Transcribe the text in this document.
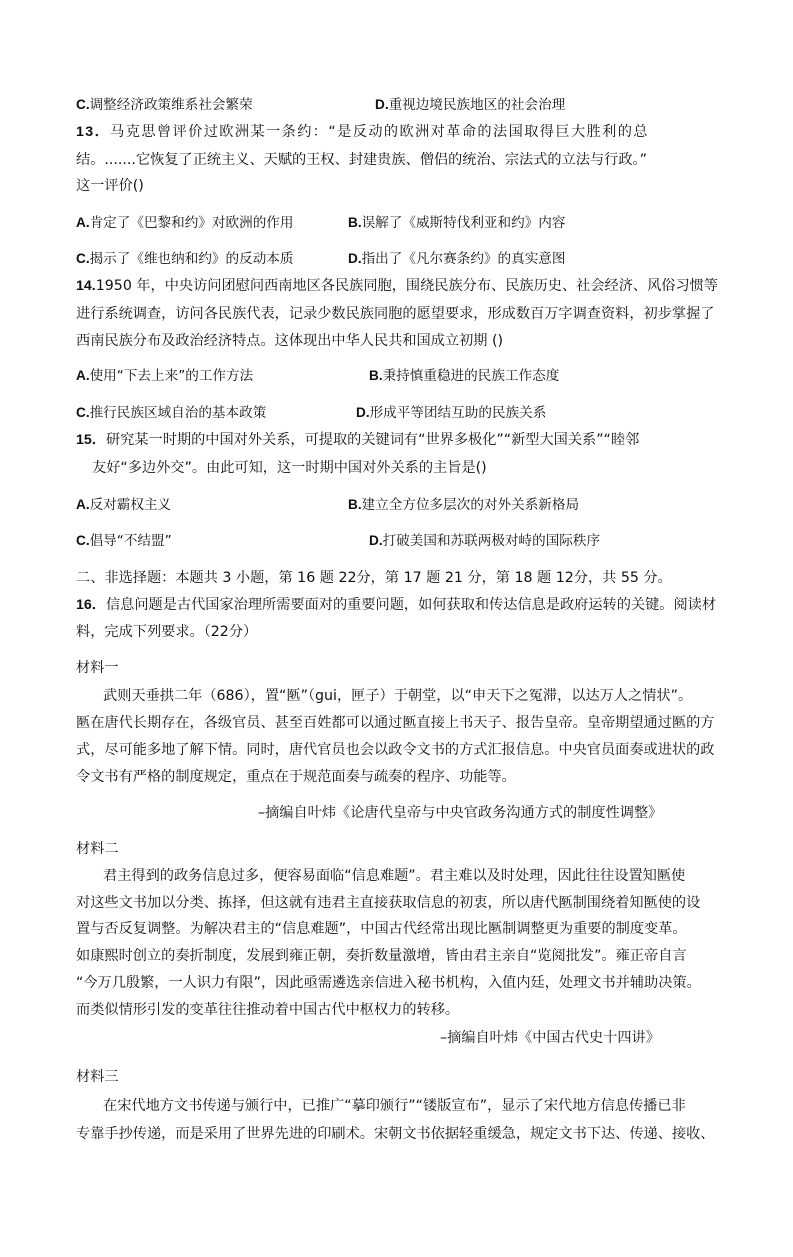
C.调整经济政策维系社会繁荣	D.重视边境民族地区的社会治理
13．马克思曾评价过欧洲某一条约：“是反动的欧洲对革命的法国取得巨大胜利的总
结。.......它恢复了正统主义、天赋的王权、封建贵族、僧侣的统治、宗法式的立法与行政。”
这一评价()
A.肯定了《巴黎和约》对欧洲的作用	B.误解了《威斯特伐利亚和约》内容
C.揭示了《维也纳和约》的反动本质	D.指出了《凡尔赛条约》的真实意图
14.1950 年，中央访问团慰问西南地区各民族同胞，围绕民族分布、民族历史、社会经济、风俗习惯等
进行系统调查，访问各民族代表，记录少数民族同胞的愿望要求，形成数百万字调查资料，初步掌握了
西南民族分布及政治经济特点。这体现出中华人民共和国成立初期 ()
A.使用“下去上来”的工作方法	B.秉持慎重稳进的民族工作态度
C.推行民族区域自治的基本政策	D.形成平等团结互助的民族关系
15．研究某一时期的中国对外关系，可提取的关键词有“世界多极化”“新型大国关系”“睦邻
友好“多边外交”。由此可知，这一时期中国对外关系的主旨是()
A.反对霸权主义	B.建立全方位多层次的对外关系新格局
C.倡导“不结盟”	D.打破美国和苏联两极对峙的国际秩序
二、非选择题：本题共 3 小题，第 16 题 22分，第 17 题 21 分，第 18 题 12分，共 55 分。
16．信息问题是古代国家治理所需要面对的重要问题，如何获取和传达信息是政府运转的关键。阅读材
料，完成下列要求。（22分）
材料一
武则天垂拱二年（686），置“匦”（gui，匣子）于朝堂，以“申天下之冤滞，以达万人之情状”。
匦在唐代长期存在，各级官员、甚至百姓都可以通过匦直接上书天子、报告皇帝。皇帝期望通过匦的方
式，尽可能多地了解下情。同时，唐代官员也会以政令文书的方式汇报信息。中央官员面奏或进状的政
令文书有严格的制度规定，重点在于规范面奏与疏奏的程序、功能等。
–摘编自叶炜《论唐代皇帝与中央官政务沟通方式的制度性调整》
材料二
君主得到的政务信息过多，便容易面临“信息难题”。君主难以及时处理，因此往往设置知匦使
对这些文书加以分类、拣择，但这就有违君主直接获取信息的初衷，所以唐代匦制围绕着知匦使的设
置与否反复调整。为解决君主的“信息难题”，中国古代经常出现比匦制调整更为重要的制度变革。
如康熙时创立的奏折制度，发展到雍正朝，奏折数量激增，皆由君主亲自“览阅批发”。雍正帝自言
“今万几殷繁，一人识力有限”，因此亟需遴选亲信进入秘书机构，入值内廷，处理文书并辅助决策。
而类似情形引发的变革往往推动着中国古代中枢权力的转移。
–摘编自叶炜《中国古代史十四讲》
材料三
在宋代地方文书传递与颁行中，已推广“摹印颁行”“镂版宣布”，显示了宋代地方信息传播已非
专靠手抄传递，而是采用了世界先进的印刷术。宋朝文书依据轻重缓急，规定文书下达、传递、接收、
